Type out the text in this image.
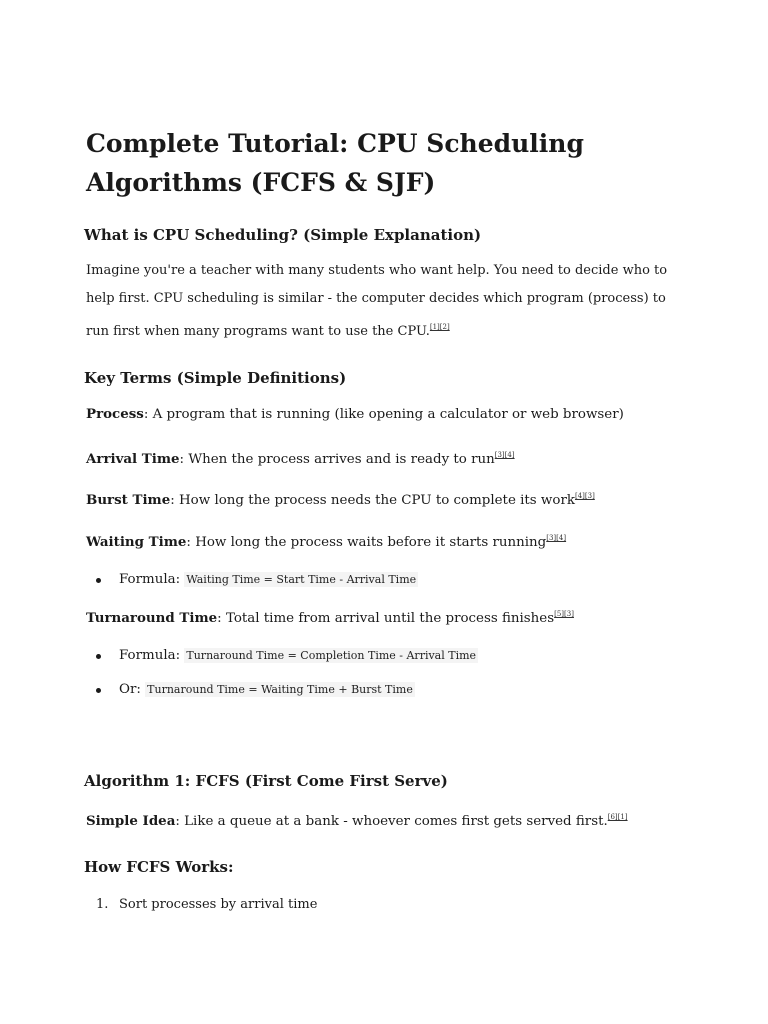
Complete Tutorial: CPU Scheduling Algorithms (FCFS & SJF)
What is CPU Scheduling? (Simple Explanation)

Imagine you're a teacher with many students who want help. You need to decide who to help first. CPU scheduling is similar - the computer decides which program (process) to run first when many programs want to use the CPU.[1][2]

Key Terms (Simple Definitions)

Process: A program that is running (like opening a calculator or web browser)

Arrival Time: When the process arrives and is ready to run[3][4]

Burst Time: How long the process needs the CPU to complete its work[4][3]

Waiting Time: How long the process waits before it starts running[3][4]

Formula: Waiting Time = Start Time - Arrival Time

Turnaround Time: Total time from arrival until the process finishes[5][3]

Formula: Turnaround Time = Completion Time - Arrival Time
Or: Turnaround Time = Waiting Time + Burst Time
Algorithm 1: FCFS (First Come First Serve)

Simple Idea: Like a queue at a bank - whoever comes first gets served first.[6][1]

How FCFS Works:
1. Sort processes by arrival time
